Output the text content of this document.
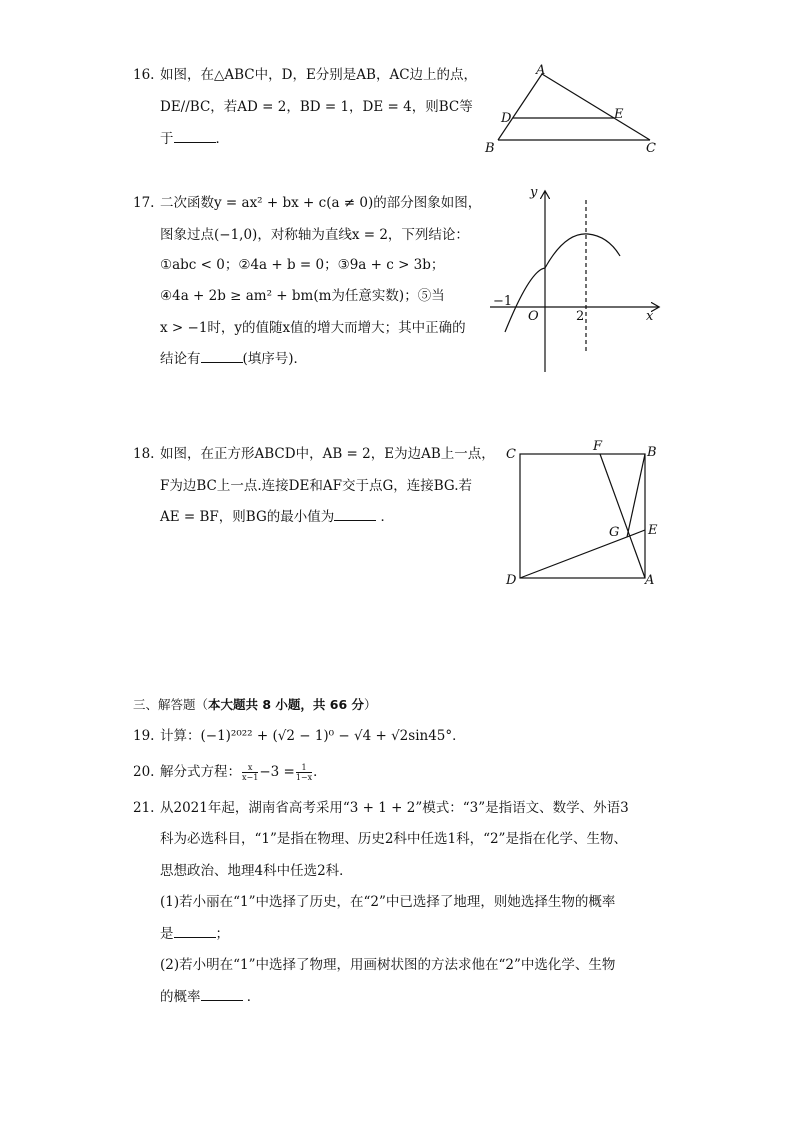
16. 如图，在△ABC中，D，E分别是AB，AC边上的点，
DE//BC，若AD = 2，BD = 1，DE = 4，则BC等
于	．
A
B	C
D	E
17. 二次函数y = ax² + bx + c(a ≠ 0)的部分图象如图，
图象过点(−1,0)，对称轴为直线x = 2，下列结论：
①abc < 0；②4a + b = 0；③9a + c > 3b；
④4a + 2b ≥ am² + bm(m为任意实数)；⑤当
x > −1时，y的值随x值的增大而增大；其中正确的
结论有	(填序号)．
y
x
O
−1
2
18. 如图，在正方形ABCD中，AB = 2，E为边AB上一点，
F为边BC上一点.连接DE和AF交于点G，连接BG.若
AE = BF，则BG的最小值为	．
C
F	B
G E
D	A
三、解答题（本大题共 8 小题，共 66 分）
19. 计算：(−1)²⁰²² + (√2 − 1)⁰ − √4 + √2sin45°．
20. 解分式方程： $\frac{x}{x-1} -3 = \frac{1}{1-x}$ ．
21. 从2021年起，湖南省高考采用“3 + 1 + 2”模式：“3”是指语文、数学、外语3
科为必选科目，“1”是指在物理、历史2科中任选1科，“2”是指在化学、生物、
思想政治、地理4科中任选2科．
(1)若小丽在“1”中选择了历史，在“2”中已选择了地理，则她选择生物的概率
是	；
(2)若小明在“1”中选择了物理，用画树状图的方法求他在“2”中选化学、生物
的概率	．
